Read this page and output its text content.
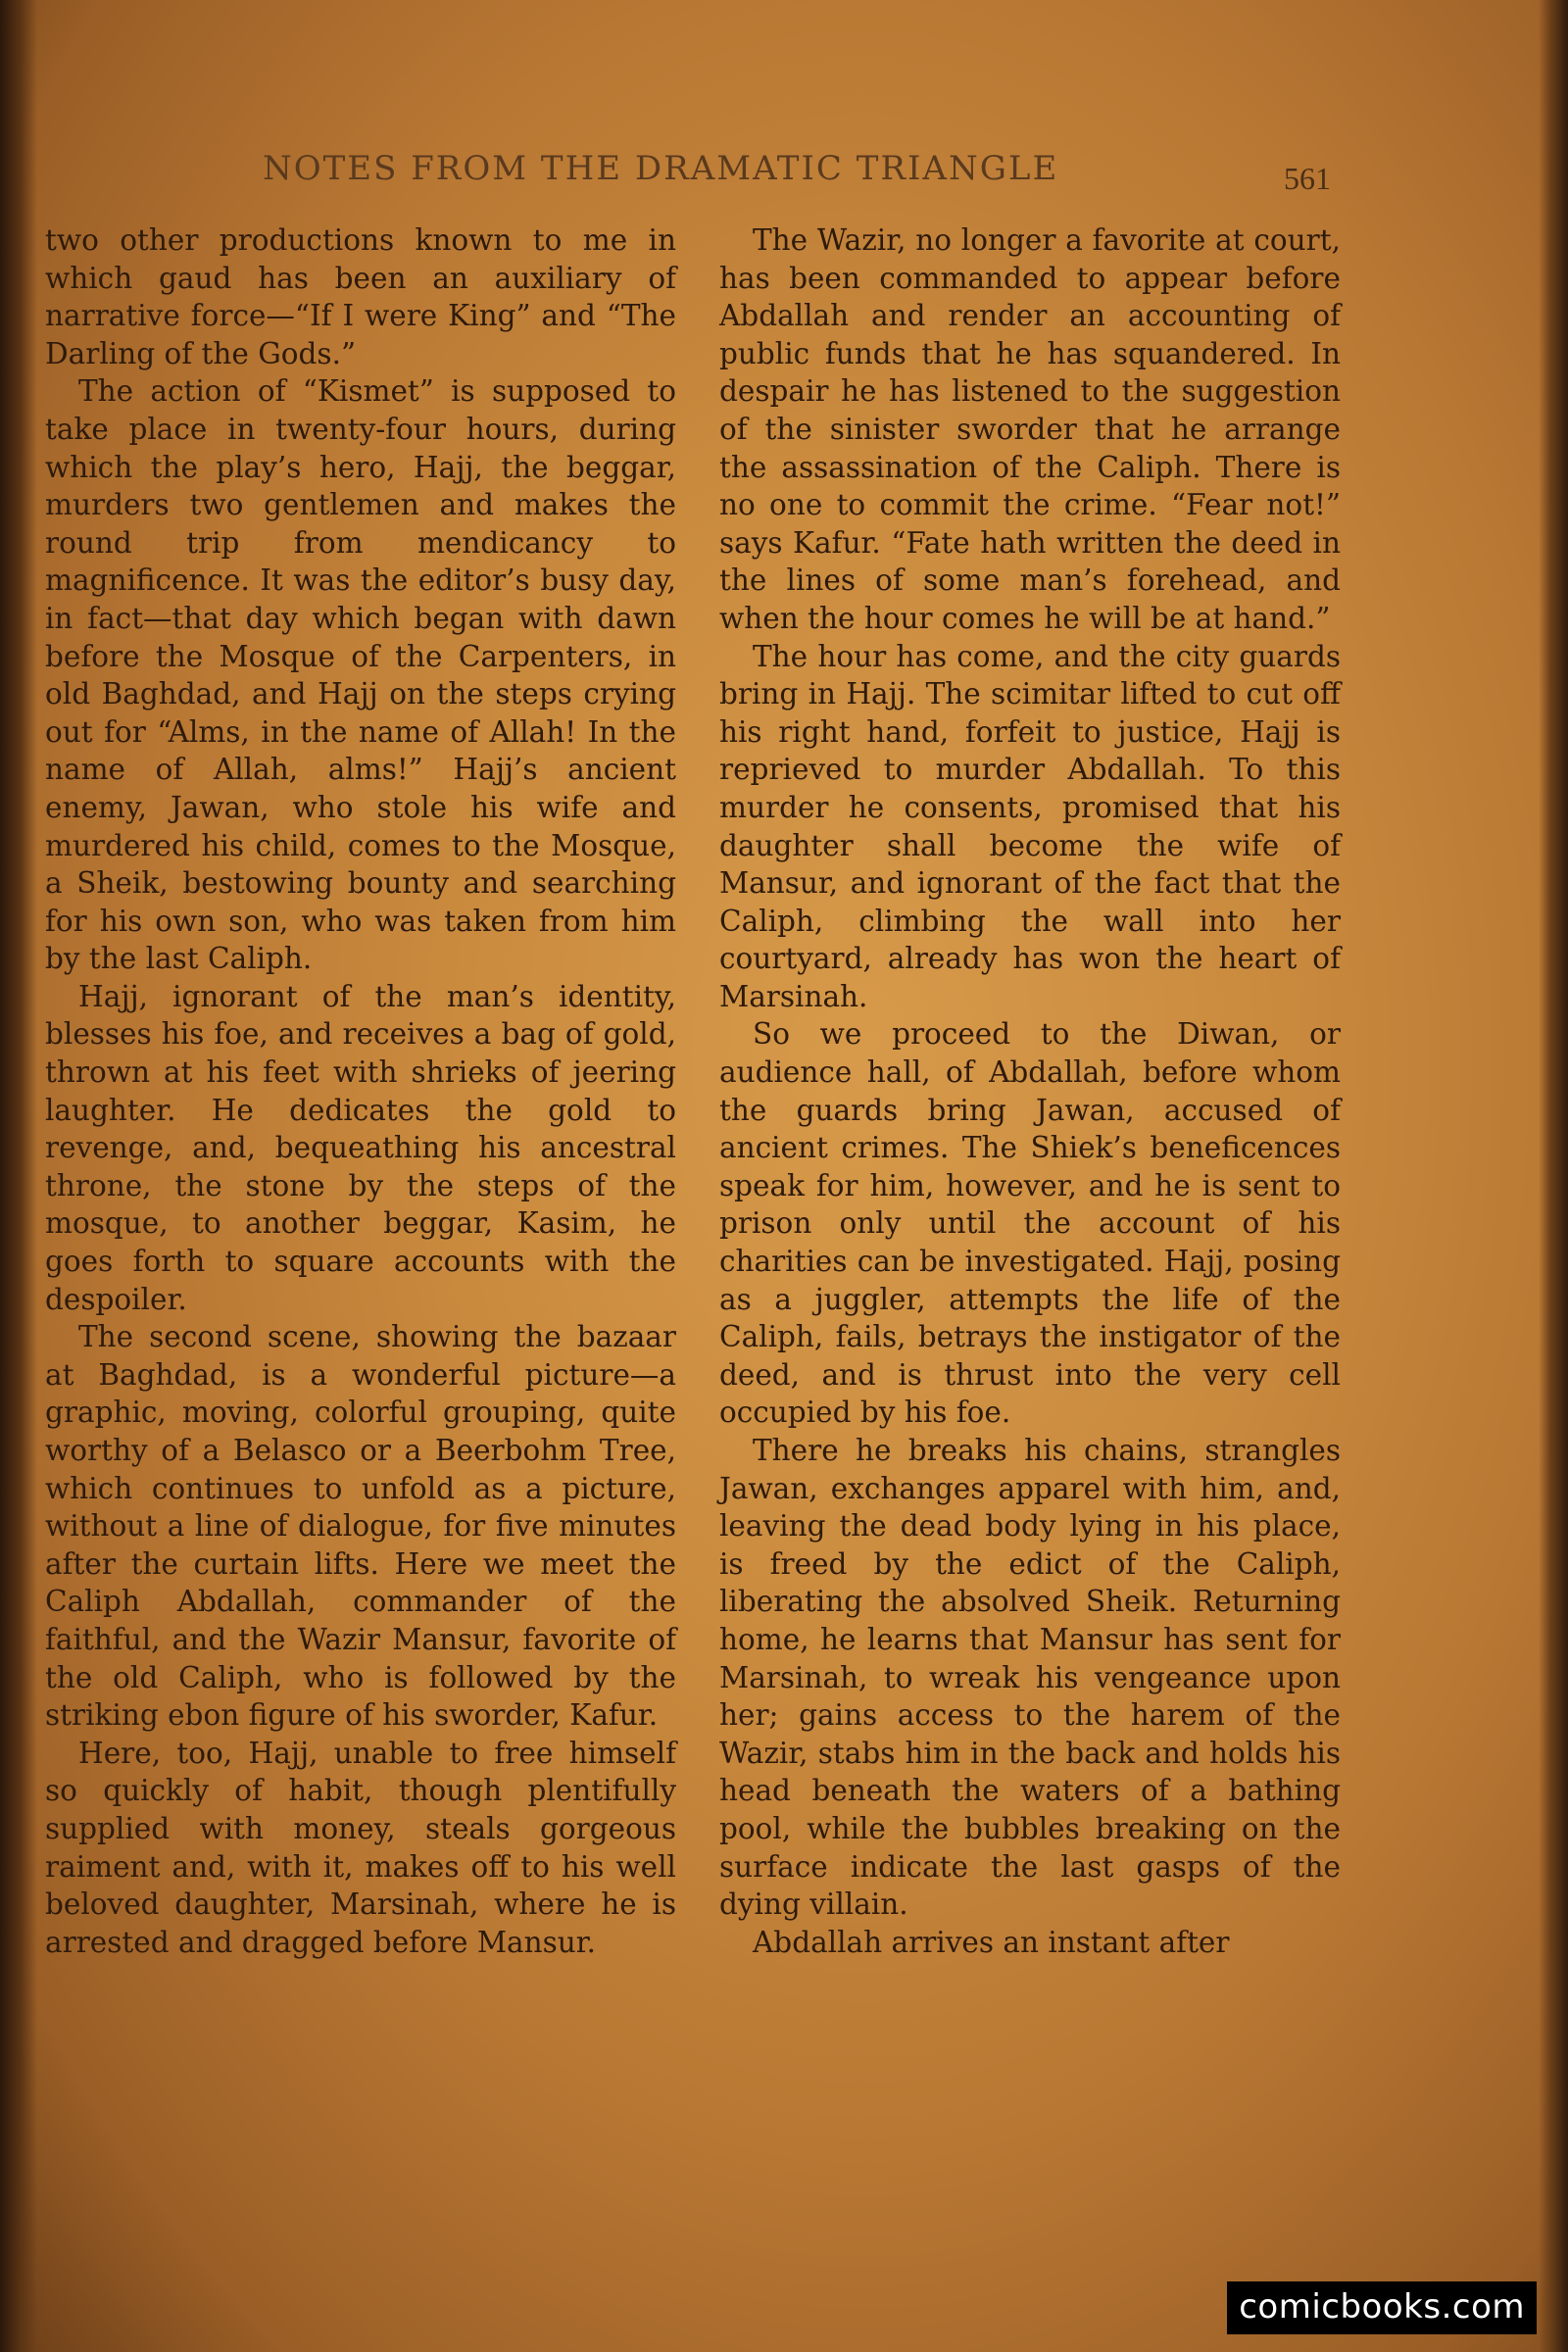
NOTES FROM THE DRAMATIC TRIANGLE	561

two other productions known to me in which gaud has been an auxiliary of narrative force—“If I were King” and “The Darling of the Gods.”

The action of “Kismet” is supposed to take place in twenty-four hours, during which the play’s hero, Hajj, the beggar, murders two gentlemen and makes the round trip from mendicancy to magnificence. It was the editor’s busy day, in fact—that day which began with dawn before the Mosque of the Carpenters, in old Baghdad, and Hajj on the steps crying out for “Alms, in the name of Allah! In the name of Allah, alms!” Hajj’s ancient enemy, Jawan, who stole his wife and murdered his child, comes to the Mosque, a Sheik, bestowing bounty and searching for his own son, who was taken from him by the last Caliph.

Hajj, ignorant of the man’s identity, blesses his foe, and receives a bag of gold, thrown at his feet with shrieks of jeering laughter. He dedicates the gold to revenge, and, bequeathing his ancestral throne, the stone by the steps of the mosque, to another beggar, Kasim, he goes forth to square accounts with the despoiler.

The second scene, showing the bazaar at Baghdad, is a wonderful picture—a graphic, moving, colorful grouping, quite worthy of a Belasco or a Beerbohm Tree, which continues to unfold as a picture, without a line of dialogue, for five minutes after the curtain lifts. Here we meet the Caliph Abdallah, commander of the faithful, and the Wazir Mansur, favorite of the old Caliph, who is followed by the striking ebon figure of his sworder, Kafur.

Here, too, Hajj, unable to free himself so quickly of habit, though plentifully supplied with money, steals gorgeous raiment and, with it, makes off to his well beloved daughter, Marsinah, where he is arrested and dragged before Mansur.

The Wazir, no longer a favorite at court, has been commanded to appear before Abdallah and render an accounting of public funds that he has squandered. In despair he has listened to the suggestion of the sinister sworder that he arrange the assassination of the Caliph. There is no one to commit the crime. “Fear not!” says Kafur. “Fate hath written the deed in the lines of some man’s forehead, and when the hour comes he will be at hand.”

The hour has come, and the city guards bring in Hajj. The scimitar lifted to cut off his right hand, forfeit to justice, Hajj is reprieved to murder Abdallah. To this murder he consents, promised that his daughter shall become the wife of Mansur, and ignorant of the fact that the Caliph, climbing the wall into her courtyard, already has won the heart of Marsinah.

So we proceed to the Diwan, or audience hall, of Abdallah, before whom the guards bring Jawan, accused of ancient crimes. The Shiek’s beneficences speak for him, however, and he is sent to prison only until the account of his charities can be investigated. Hajj, posing as a juggler, attempts the life of the Caliph, fails, betrays the instigator of the deed, and is thrust into the very cell occupied by his foe.

There he breaks his chains, strangles Jawan, exchanges apparel with him, and, leaving the dead body lying in his place, is freed by the edict of the Caliph, liberating the absolved Sheik. Returning home, he learns that Mansur has sent for Marsinah, to wreak his vengeance upon her; gains access to the harem of the Wazir, stabs him in the back and holds his head beneath the waters of a bathing pool, while the bubbles breaking on the surface indicate the last gasps of the dying villain.

Abdallah arrives an instant after

comicbooks.com
